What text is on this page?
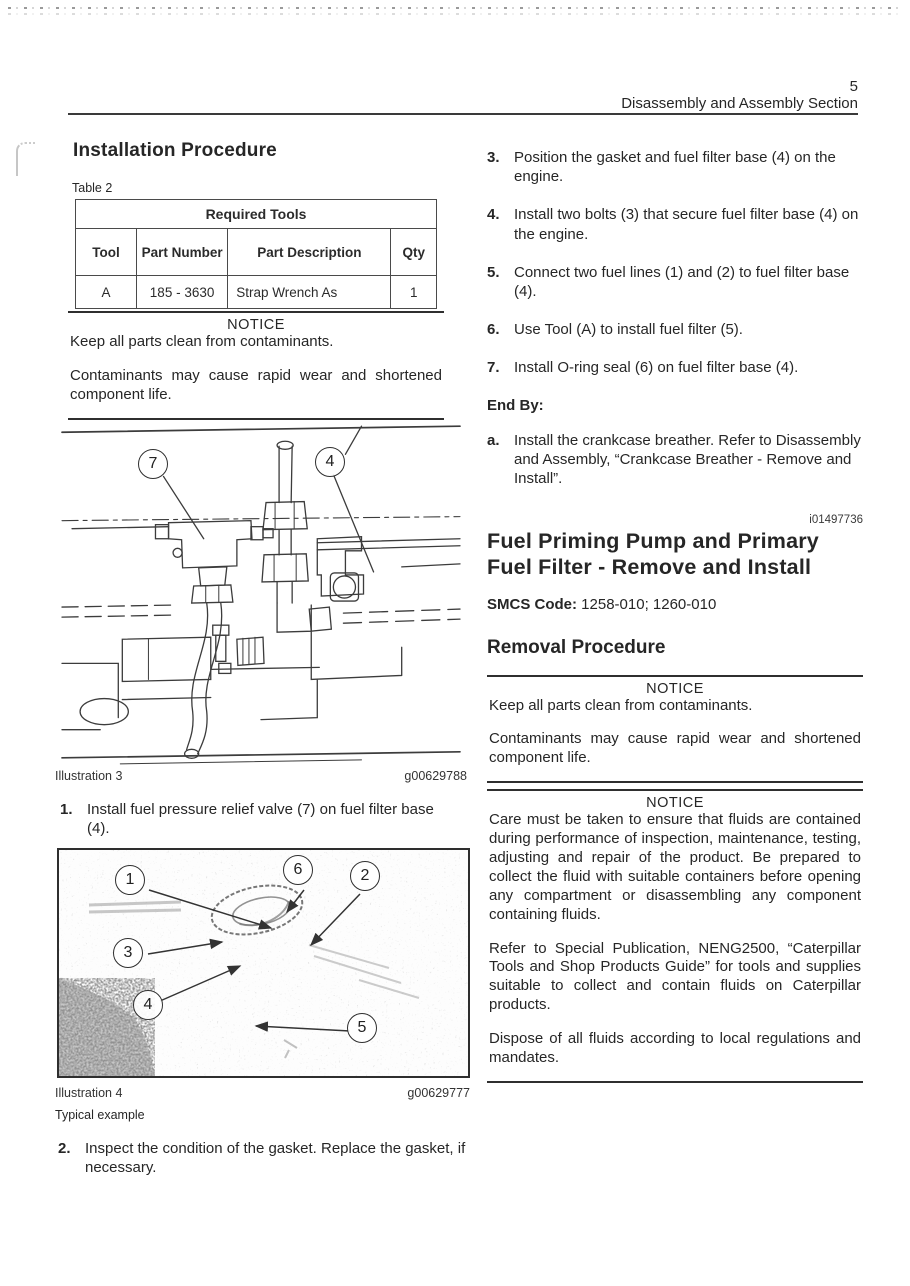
5
Disassembly and Assembly Section
Installation Procedure
Table 2
Required Tools			
Tool	Part Number	Part Description	Qty
A	185 - 3630	Strap Wrench As	1
NOTICE

Keep all parts clean from contaminants.

Contaminants may cause rapid wear and shortened component life.

7	4
Illustration 3	g00629788
1. Install fuel pressure relief valve (7) on fuel filter base (4).
1
6	2
3
4
5
Illustration 4	g00629777
Typical example
2. Inspect the condition of the gasket. Replace the gasket, if necessary.
3. Position the gasket and fuel filter base (4) on the engine.
4. Install two bolts (3) that secure fuel filter base (4) on the engine.
5. Connect two fuel lines (1) and (2) to fuel filter base (4).
6. Use Tool (A) to install fuel filter (5).
7. Install O-ring seal (6) on fuel filter base (4).
End By:
a. Install the crankcase breather. Refer to Disassembly and Assembly, “Crankcase Breather - Remove and Install”.
i01497736
Fuel Priming Pump and Primary Fuel Filter - Remove and Install
SMCS Code: 1258-010; 1260-010
Removal Procedure
NOTICE

Keep all parts clean from contaminants.

Contaminants may cause rapid wear and shortened component life.

NOTICE

Care must be taken to ensure that fluids are contained during performance of inspection, maintenance, testing, adjusting and repair of the product. Be prepared to collect the fluid with suitable containers before opening any compartment or disassembling any component containing fluids.

Refer to Special Publication, NENG2500, “Caterpillar Tools and Shop Products Guide” for tools and supplies suitable to collect and contain fluids on Caterpillar products.

Dispose of all fluids according to local regulations and mandates.
